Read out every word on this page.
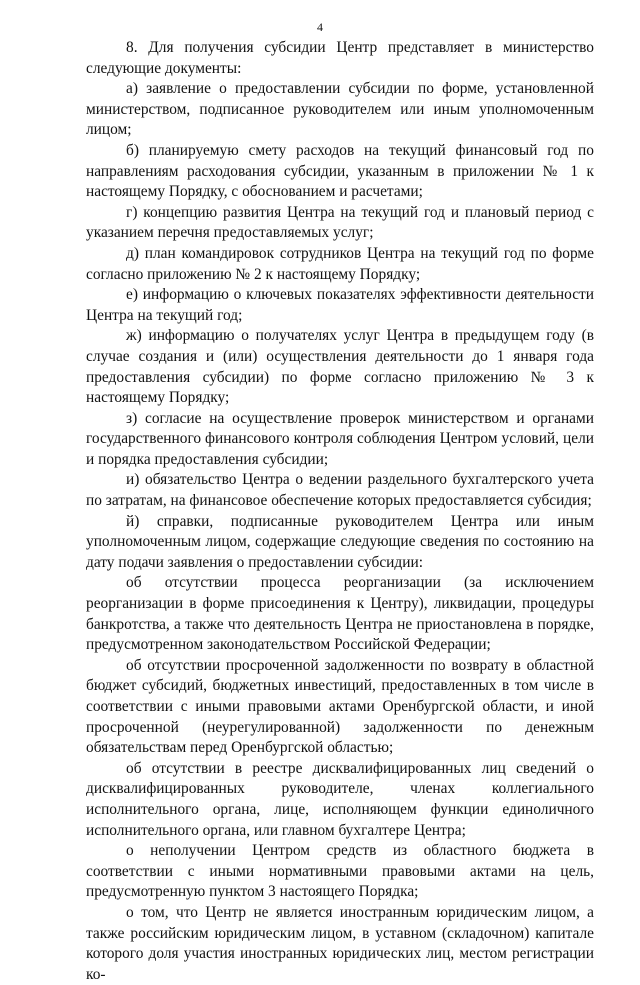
4

8. Для получения субсидии Центр представляет в министерство следующие документы:

а) заявление о предоставлении субсидии по форме, установленной министерством, подписанное руководителем или иным уполномоченным лицом;

б) планируемую смету расходов на текущий финансовый год по направлениям расходования субсидии, указанным в приложении № 1 к настоящему Порядку, с обоснованием и расчетами;

г) концепцию развития Центра на текущий год и плановый период с указанием перечня предоставляемых услуг;

д) план командировок сотрудников Центра на текущий год по форме согласно приложению № 2 к настоящему Порядку;

е) информацию о ключевых показателях эффективности деятельности Центра на текущий год;

ж) информацию о получателях услуг Центра в предыдущем году (в случае создания и (или) осуществления деятельности до 1 января года предоставления субсидии) по форме согласно приложению № 3 к настоящему Порядку;

з) согласие на осуществление проверок министерством и органами государственного финансового контроля соблюдения Центром условий, цели и порядка предоставления субсидии;

и) обязательство Центра о ведении раздельного бухгалтерского учета по затратам, на финансовое обеспечение которых предоставляется субсидия;

й) справки, подписанные руководителем Центра или иным уполномоченным лицом, содержащие следующие сведения по состоянию на дату подачи заявления о предоставлении субсидии:

об отсутствии процесса реорганизации (за исключением реорганизации в форме присоединения к Центру), ликвидации, процедуры банкротства, а также что деятельность Центра не приостановлена в порядке, предусмотренном законодательством Российской Федерации;

об отсутствии просроченной задолженности по возврату в областной бюджет субсидий, бюджетных инвестиций, предоставленных в том числе в соответствии с иными правовыми актами Оренбургской области, и иной просроченной (неурегулированной) задолженности по денежным обязательствам перед Оренбургской областью;

об отсутствии в реестре дисквалифицированных лиц сведений о дисквалифицированных руководителе, членах коллегиального исполнительного органа, лице, исполняющем функции единоличного исполнительного органа, или главном бухгалтере Центра;

о неполучении Центром средств из областного бюджета в соответствии с иными нормативными правовыми актами на цель, предусмотренную пунктом 3 настоящего Порядка;

о том, что Центр не является иностранным юридическим лицом, а также российским юридическим лицом, в уставном (складочном) капитале которого доля участия иностранных юридических лиц, местом регистрации ко-
